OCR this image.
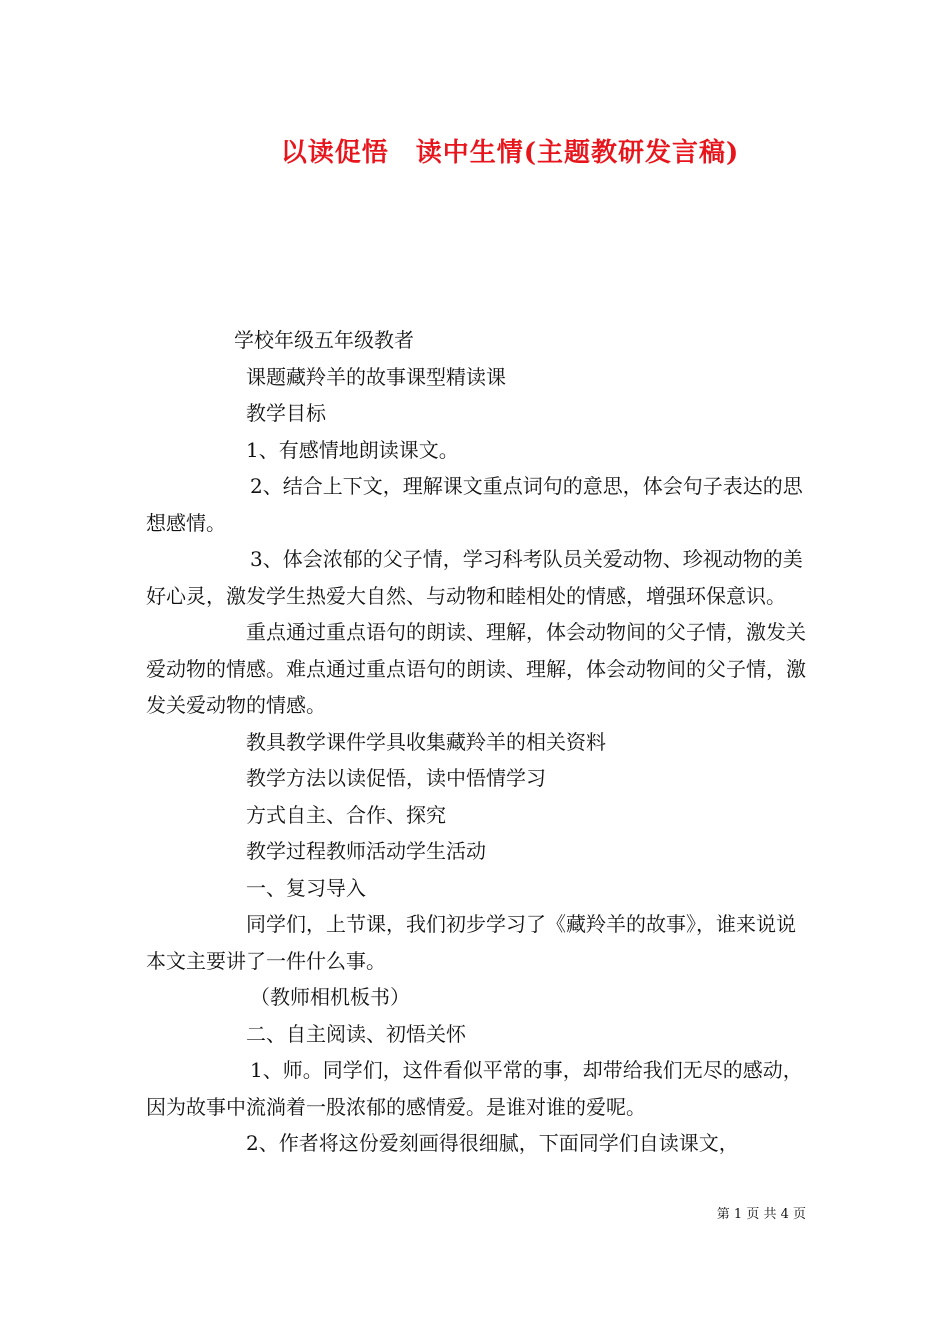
以读促悟　读中生情(主题教研发言稿)

学校年级五年级教者

课题藏羚羊的故事课型精读课

教学目标

1、有感情地朗读课文。

2、结合上下文，理解课文重点词句的意思，体会句子表达的思想感情。

3、体会浓郁的父子情，学习科考队员关爱动物、珍视动物的美好心灵，激发学生热爱大自然、与动物和睦相处的情感，增强环保意识。

重点通过重点语句的朗读、理解，体会动物间的父子情，激发关爱动物的情感。难点通过重点语句的朗读、理解，体会动物间的父子情，激发关爱动物的情感。

教具教学课件学具收集藏羚羊的相关资料

教学方法以读促悟，读中悟情学习

方式自主、合作、探究

教学过程教师活动学生活动

一、复习导入

同学们，上节课，我们初步学习了《藏羚羊的故事》，谁来说说本文主要讲了一件什么事。

（教师相机板书）

二、自主阅读、初悟关怀

1、师。同学们，这件看似平常的事，却带给我们无尽的感动，因为故事中流淌着一股浓郁的感情爱。是谁对谁的爱呢。

2、作者将这份爱刻画得很细腻，下面同学们自读课文，

第 1 页 共 4 页
